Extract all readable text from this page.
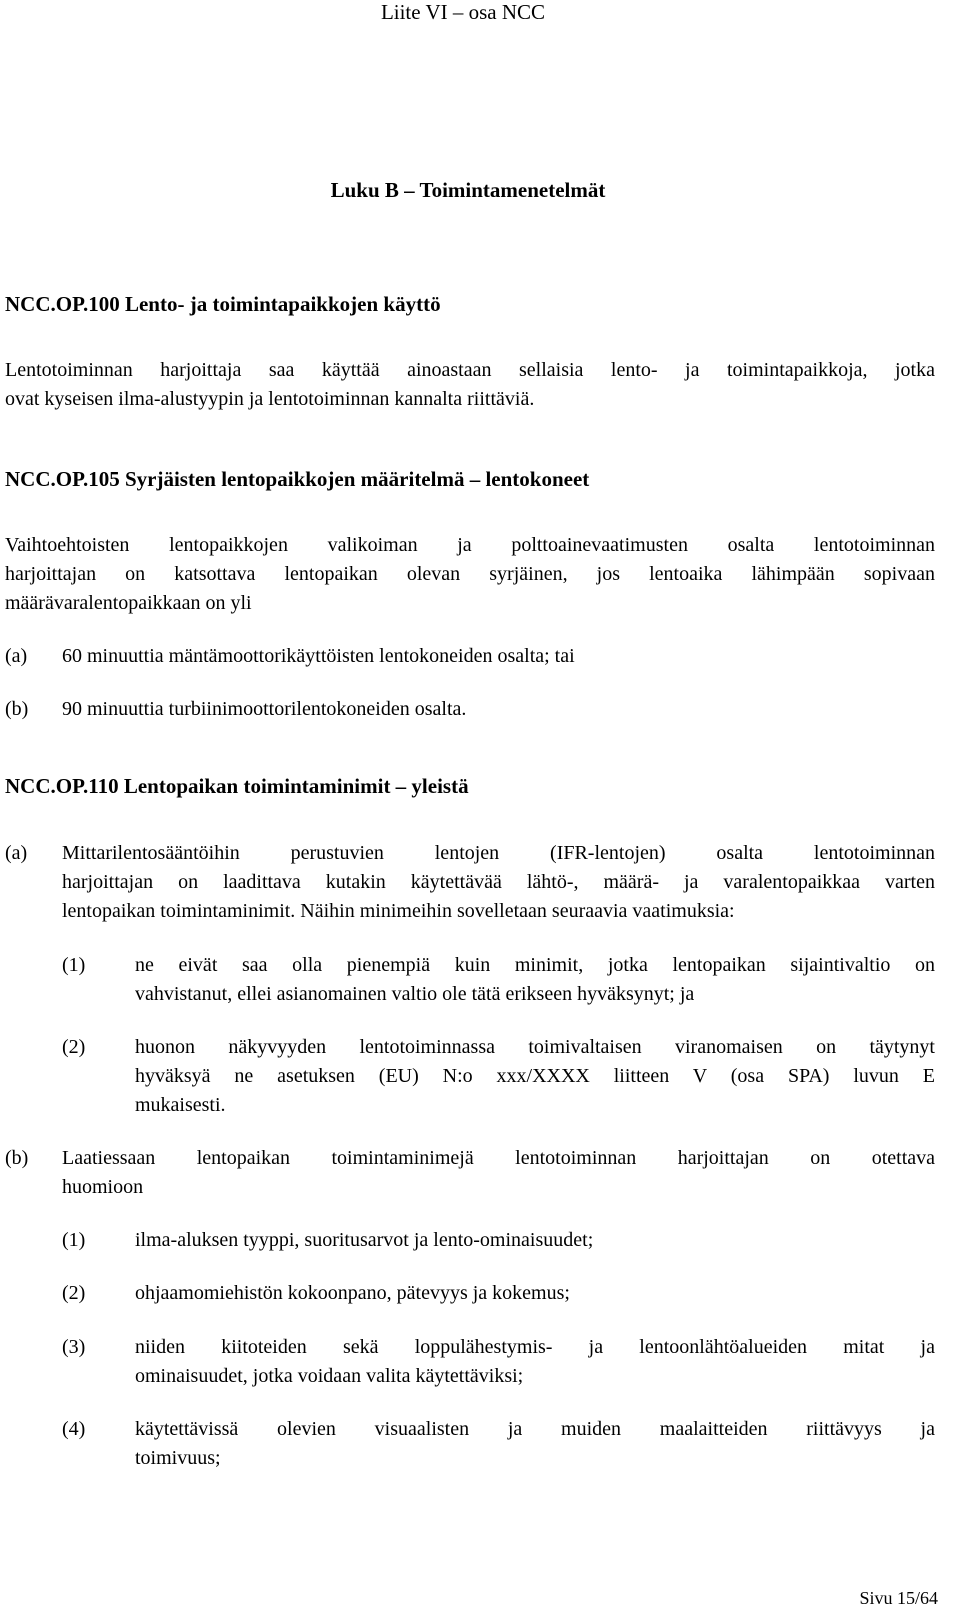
Liite VI – osa NCC

Luku B – Toimintamenetelmät

NCC.OP.100 Lento- ja toimintapaikkojen käyttö

Lentotoiminnan harjoittaja saa käyttää ainoastaan sellaisia lento- ja toimintapaikkoja, jotka

ovat kyseisen ilma-alustyypin ja lentotoiminnan kannalta riittäviä.

NCC.OP.105 Syrjäisten lentopaikkojen määritelmä – lentokoneet

Vaihtoehtoisten lentopaikkojen valikoiman ja polttoainevaatimusten osalta lentotoiminnan

harjoittajan on katsottava lentopaikan olevan syrjäinen, jos lentoaika lähimpään sopivaan

määrävaralentopaikkaan on yli

(a) 60 minuuttia mäntämoottorikäyttöisten lentokoneiden osalta; tai

(b) 90 minuuttia turbiinimoottorilentokoneiden osalta.

NCC.OP.110 Lentopaikan toimintaminimit – yleistä

(a) Mittarilentosääntöihin perustuvien lentojen (IFR-lentojen) osalta lentotoiminnan

harjoittajan on laadittava kutakin käytettävää lähtö-, määrä- ja varalentopaikkaa varten

lentopaikan toimintaminimit. Näihin minimeihin sovelletaan seuraavia vaatimuksia:

(1) ne eivät saa olla pienempiä kuin minimit, jotka lentopaikan sijaintivaltio on

vahvistanut, ellei asianomainen valtio ole tätä erikseen hyväksynyt; ja

(2) huonon näkyvyyden lentotoiminnassa toimivaltaisen viranomaisen on täytynyt

hyväksyä ne asetuksen (EU) N:o xxx/XXXX liitteen V (osa SPA) luvun E

mukaisesti.

(b) Laatiessaan lentopaikan toimintaminimejä lentotoiminnan harjoittajan on otettava

huomioon

(1) ilma-aluksen tyyppi, suoritusarvot ja lento-ominaisuudet;

(2) ohjaamomiehistön kokoonpano, pätevyys ja kokemus;

(3) niiden kiitoteiden sekä loppulähestymis- ja lentoonlähtöalueiden mitat ja

ominaisuudet, jotka voidaan valita käytettäviksi;

(4) käytettävissä olevien visuaalisten ja muiden maalaitteiden riittävyys ja

toimivuus;

Sivu 15/64
